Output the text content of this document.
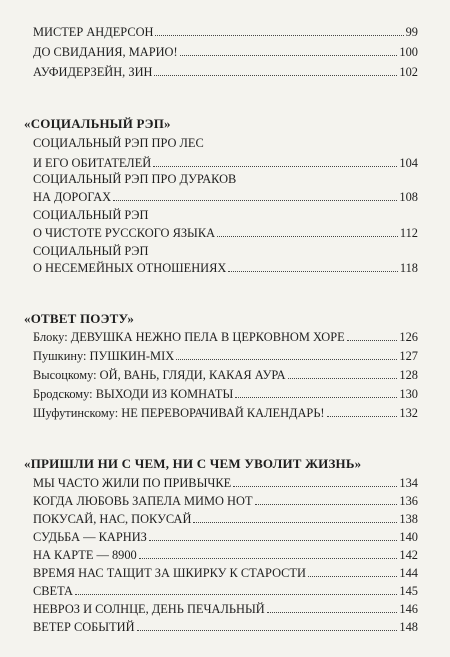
МИСТЕР АНДЕРСОН	99
ДО СВИДАНИЯ, МАРИО!	100
АУФИДЕРЗЕЙН, ЗИН	102
«СОЦИАЛЬНЫЙ РЭП»
СОЦИАЛЬНЫЙ РЭП ПРО ЛЕС
И ЕГО ОБИТАТЕЛЕЙ	104
СОЦИАЛЬНЫЙ РЭП ПРО ДУРАКОВ
НА ДОРОГАХ	108
СОЦИАЛЬНЫЙ РЭП
О ЧИСТОТЕ РУССКОГО ЯЗЫКА	112
СОЦИАЛЬНЫЙ РЭП
О НЕСЕМЕЙНЫХ ОТНОШЕНИЯХ	118
«ОТВЕТ ПОЭТУ»
Блоку: ДЕВУШКА НЕЖНО ПЕЛА В ЦЕРКОВНОМ ХОРЕ	126
Пушкину: ПУШКИН-MIX	127
Высоцкому: ОЙ, ВАНЬ, ГЛЯДИ, КАКАЯ АУРА	128
Бродскому: ВЫХОДИ ИЗ КОМНАТЫ	130
Шуфутинскому: НЕ ПЕРЕВОРАЧИВАЙ КАЛЕНДАРЬ!	132
«ПРИШЛИ НИ С ЧЕМ, НИ С ЧЕМ УВОЛИТ ЖИЗНЬ»
МЫ ЧАСТО ЖИЛИ ПО ПРИВЫЧКЕ	134
КОГДА ЛЮБОВЬ ЗАПЕЛА МИМО НОТ	136
ПОКУСАЙ, НАС, ПОКУСАЙ	138
СУДЬБА — КАРНИЗ	140
НА КАРТЕ — 8900	142
ВРЕМЯ НАС ТАЩИТ ЗА ШКИРКУ К СТАРОСТИ	144
СВЕТА	145
НЕВРОЗ И СОЛНЦЕ, ДЕНЬ ПЕЧАЛЬНЫЙ	146
ВЕТЕР СОБЫТИЙ	148
